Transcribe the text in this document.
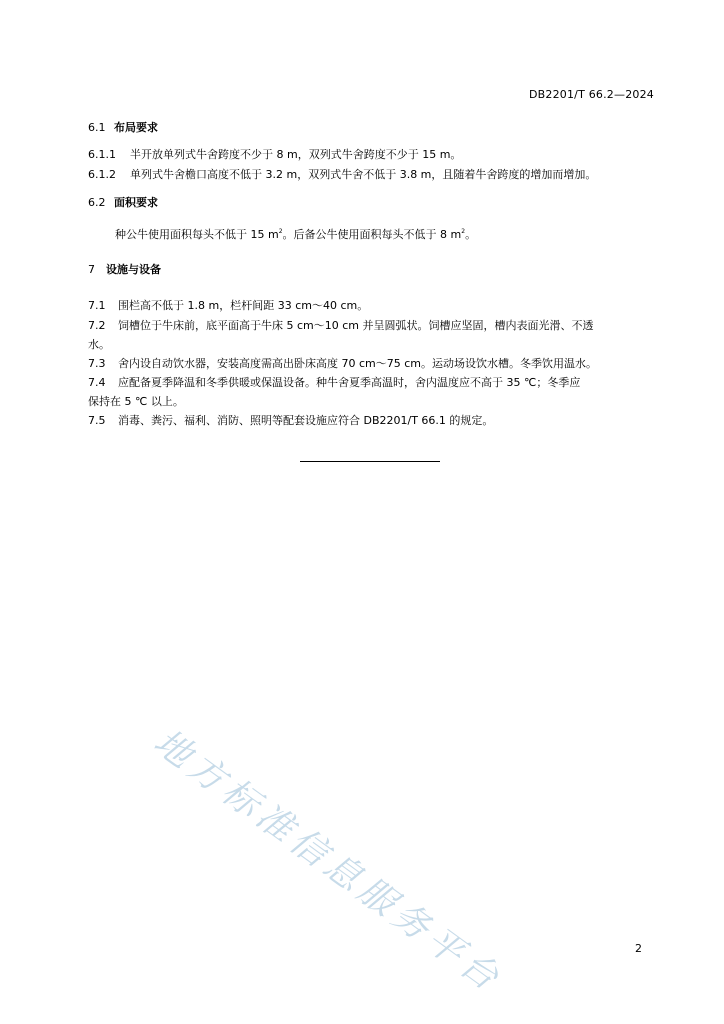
DB2201/T 66.2—2024
6.1 布局要求
6.1.1 半开放单列式牛舍跨度不少于 8 m，双列式牛舍跨度不少于 15 m。
6.1.2 单列式牛舍檐口高度不低于 3.2 m，双列式牛舍不低于 3.8 m，且随着牛舍跨度的增加而增加。
6.2 面积要求
种公牛使用面积每头不低于 15 $m^2$。后备公牛使用面积每头不低于 8 $m^2$。
7 设施与设备
7.1 围栏高不低于 1.8 m，栏杆间距 33 cm～40 cm。
7.2 饲槽位于牛床前，底平面高于牛床 5 cm～10 cm 并呈圆弧状。饲槽应坚固，槽内表面光滑、不透
水。
7.3 舍内设自动饮水器，安装高度需高出卧床高度 70 cm～75 cm。运动场设饮水槽。冬季饮用温水。
7.4 应配备夏季降温和冬季供暖或保温设备。种牛舍夏季高温时，舍内温度应不高于 35 ℃；冬季应
保持在 5 ℃ 以上。
7.5 消毒、粪污、福利、消防、照明等配套设施应符合 DB2201/T 66.1 的规定。
地方标准信息服务平台	2
